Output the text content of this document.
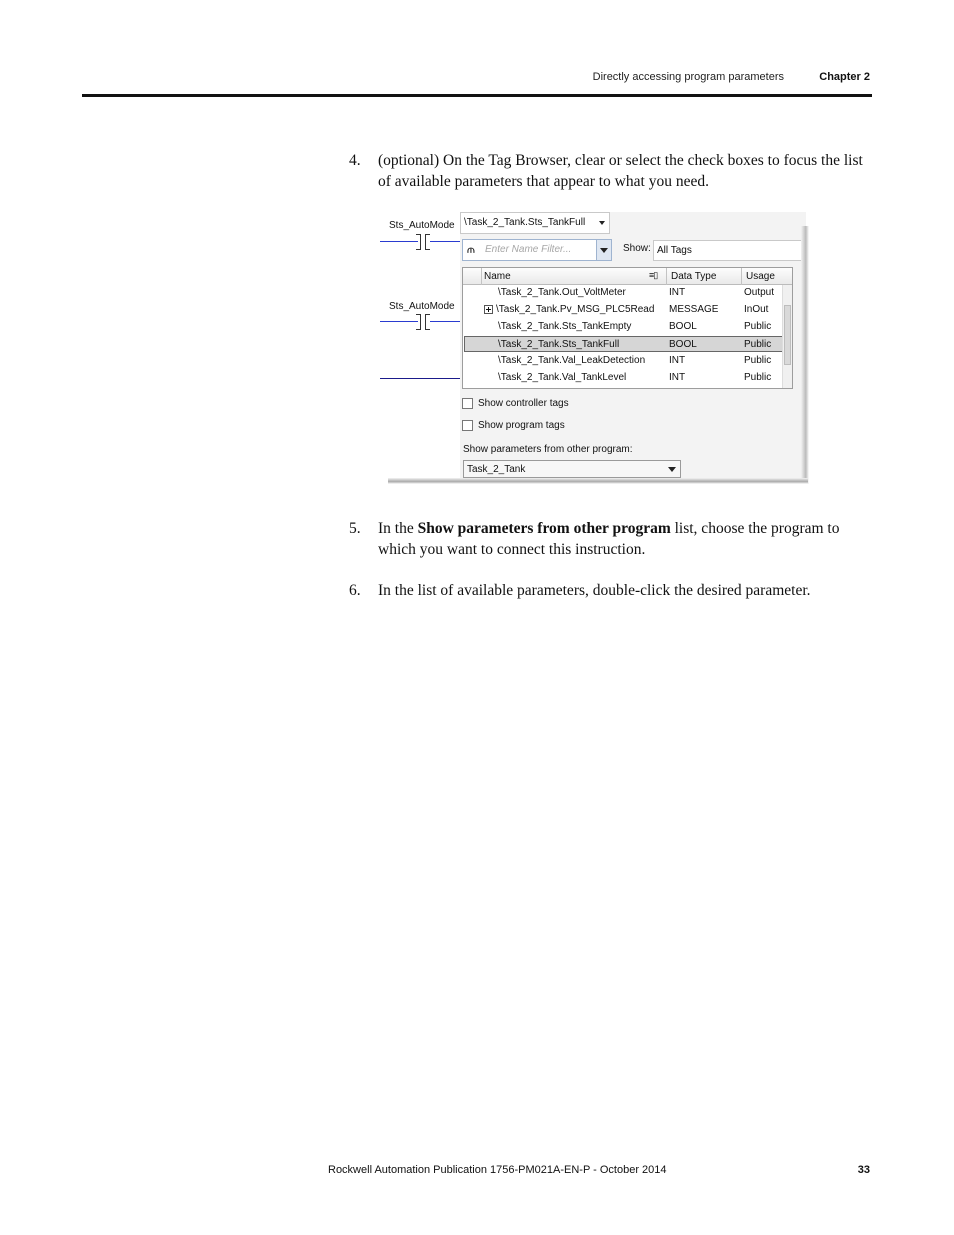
Directly accessing program parameters	Chapter 2
4. (optional) On the Tag Browser, clear or select the check boxes to focus the list of available parameters that appear to what you need.
Sts_AutoMode
Sts_AutoMode
\Task_2_Tank.Sts_TankFull
⫙ Enter Name Filter...	Show: All Tags
Name	≡▯	Data Type	Usage
\Task_2_Tank.Out_VoltMeter	INT	Output
\Task_2_Tank.Pv_MSG_PLC5Read MESSAGE	InOut
\Task_2_Tank.Sts_TankEmpty	BOOL	Public
\Task_2_Tank.Sts_TankFull	BOOL	Public
\Task_2_Tank.Val_LeakDetection INT	Public
\Task_2_Tank.Val_TankLevel	INT	Public
Show controller tags
Show program tags
Show parameters from other program:
Task_2_Tank
5. In the Show parameters from other program list, choose the program to which you want to connect this instruction.
6. In the list of available parameters, double-click the desired parameter.
Rockwell Automation Publication 1756-PM021A-EN-P - October 2014	33
